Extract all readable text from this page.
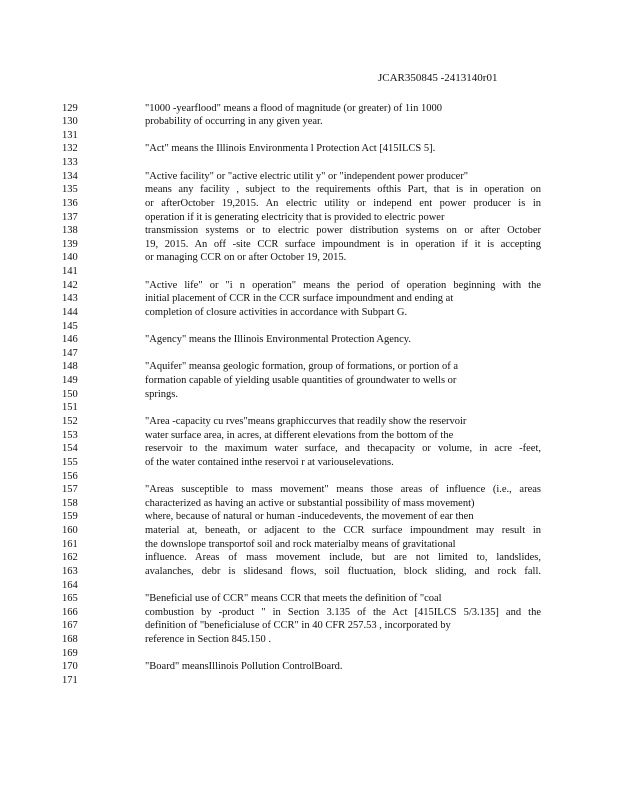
JCAR350845 -2413140r01
129	"1000 -yearflood" means a flood of magnitude (or greater) of 1in 1000
130	probability of occurring in any given year.
131
132	"Act" means the Illinois Environmenta l Protection Act [415ILCS 5].
133
134	"Active facility" or "active electric utilit y" or "independent power producer"
135	means any facility , subject to the requirements ofthis Part, that is in operation on
136	or afterOctober 19,2015. An electric utility or independ ent power producer is in
137	operation if it is generating electricity that is provided to electric power
138	transmission systems or to electric power distribution systems on or after October
139	19, 2015. An off -site CCR surface impoundment is in operation if it is accepting
140	or managing CCR on or after October 19, 2015.
141
142	"Active life" or "i n operation" means the period of operation beginning with the
143	initial placement of CCR in the CCR surface impoundment and ending at
144	completion of closure activities in accordance with Subpart G.
145
146	"Agency" means the Illinois Environmental Protection Agency.
147
148	"Aquifer" meansa geologic formation, group of formations, or portion of a
149	formation capable of yielding usable quantities of groundwater to wells or
150	springs.
151
152	"Area -capacity cu rves"means graphiccurves that readily show the reservoir
153	water surface area, in acres, at different elevations from the bottom of the
154	reservoir to the maximum water surface, and thecapacity or volume, in acre -feet,
155	of the water contained inthe reservoi r at variouselevations.
156
157	"Areas susceptible to mass movement" means those areas of influence (i.e., areas
158	characterized as having an active or substantial possibility of mass movement)
159	where, because of natural or human -inducedevents, the movement of ear then
160	material at, beneath, or adjacent to the CCR surface impoundment may result in
161	the downslope transportof soil and rock materialby means of gravitational
162	influence. Areas of mass movement include, but are not limited to, landslides,
163	avalanches, debr is slidesand flows, soil fluctuation, block sliding, and rock fall.
164
165	"Beneficial use of CCR" means CCR that meets the definition of "coal
166	combustion by -product " in Section 3.135 of the Act [415ILCS 5/3.135] and the
167	definition of "beneficialuse of CCR" in 40 CFR 257.53 , incorporated by
168	reference in Section 845.150 .
169
170	"Board" meansIllinois Pollution ControlBoard.
171
